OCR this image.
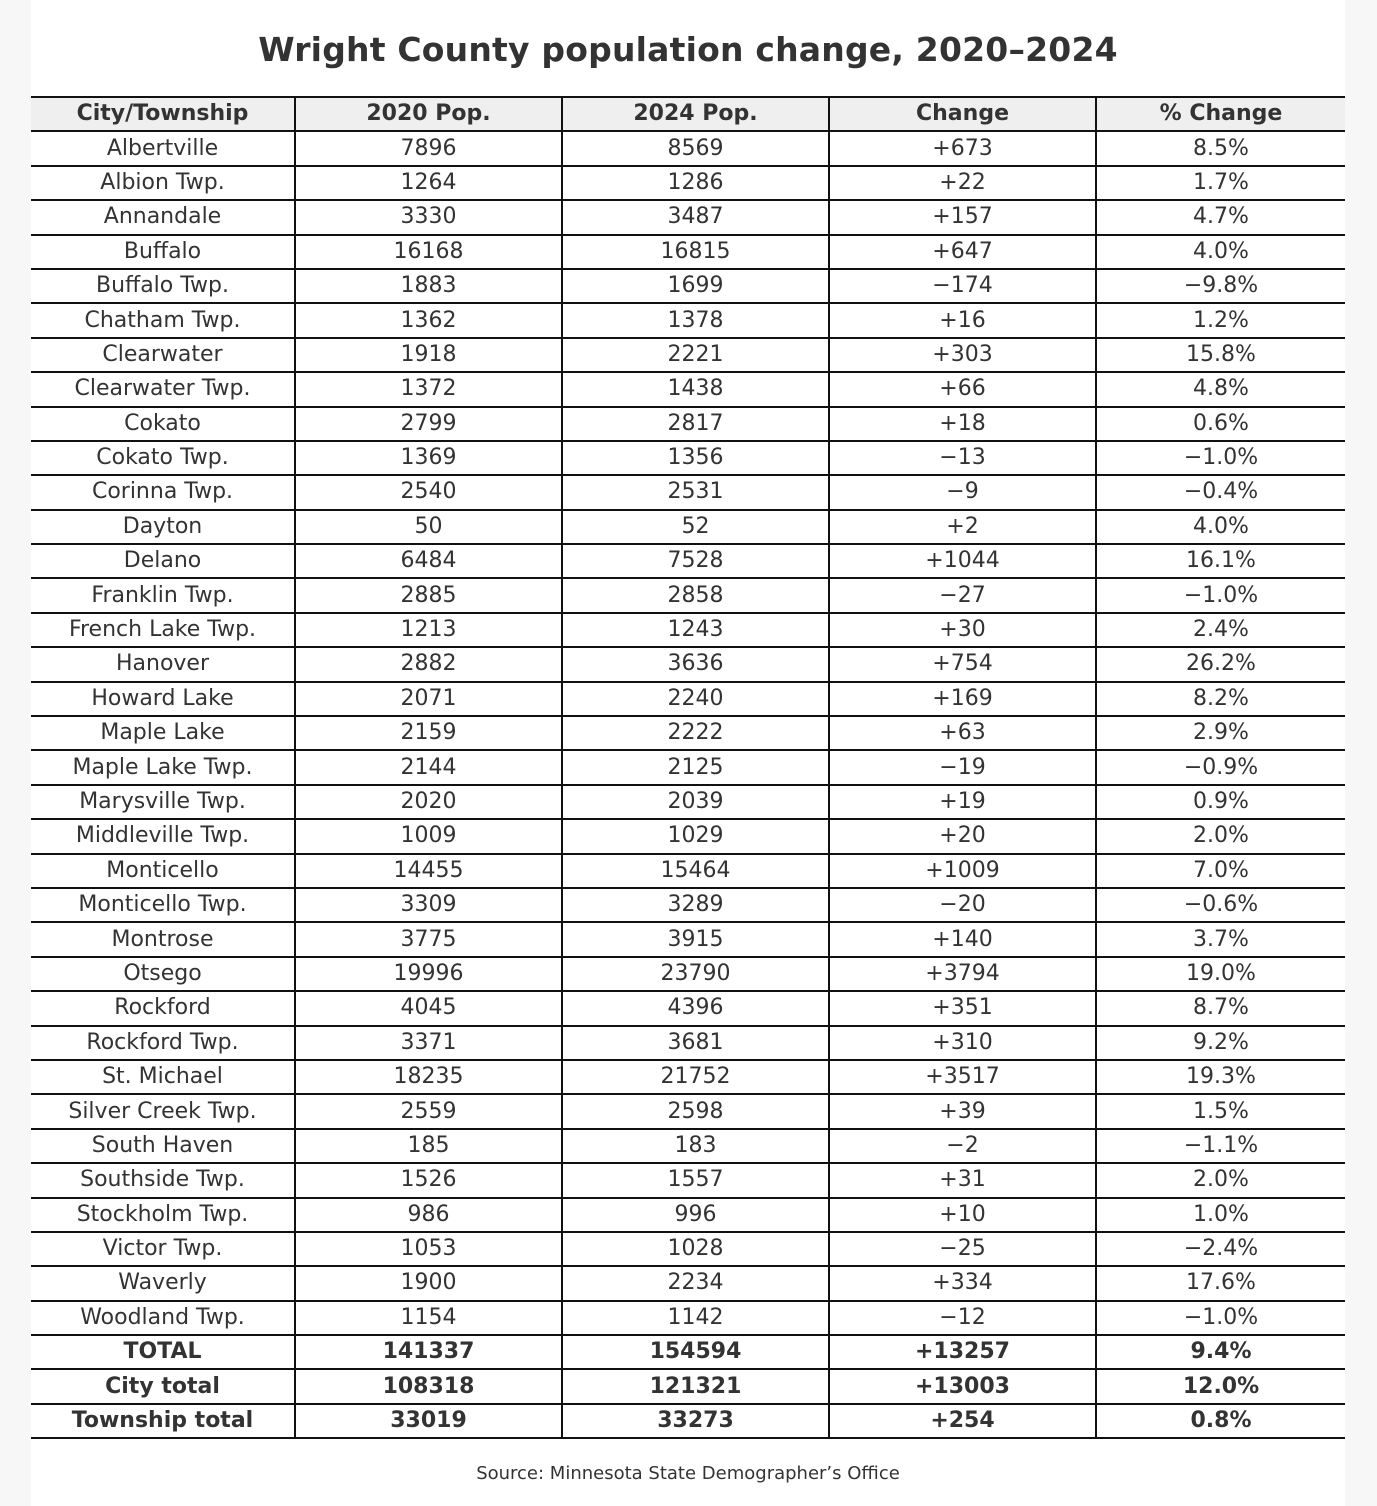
Wright County population change, 2020–2024
City/Township	2020 Pop.	2024 Pop.	Change	% Change
Albertville	7896	8569	+673	8.5%
Albion Twp.	1264	1286	+22	1.7%
Annandale	3330	3487	+157	4.7%
Buffalo	16168	16815	+647	4.0%
Buffalo Twp.	1883	1699	−174	−9.8%
Chatham Twp.	1362	1378	+16	1.2%
Clearwater	1918	2221	+303	15.8%
Clearwater Twp.	1372	1438	+66	4.8%
Cokato	2799	2817	+18	0.6%
Cokato Twp.	1369	1356	−13	−1.0%
Corinna Twp.	2540	2531	−9	−0.4%
Dayton	50	52	+2	4.0%
Delano	6484	7528	+1044	16.1%
Franklin Twp.	2885	2858	−27	−1.0%
French Lake Twp.	1213	1243	+30	2.4%
Hanover	2882	3636	+754	26.2%
Howard Lake	2071	2240	+169	8.2%
Maple Lake	2159	2222	+63	2.9%
Maple Lake Twp.	2144	2125	−19	−0.9%
Marysville Twp.	2020	2039	+19	0.9%
Middleville Twp.	1009	1029	+20	2.0%
Monticello	14455	15464	+1009	7.0%
Monticello Twp.	3309	3289	−20	−0.6%
Montrose	3775	3915	+140	3.7%
Otsego	19996	23790	+3794	19.0%
Rockford	4045	4396	+351	8.7%
Rockford Twp.	3371	3681	+310	9.2%
St. Michael	18235	21752	+3517	19.3%
Silver Creek Twp.	2559	2598	+39	1.5%
South Haven	185	183	−2	−1.1%
Southside Twp.	1526	1557	+31	2.0%
Stockholm Twp.	986	996	+10	1.0%
Victor Twp.	1053	1028	−25	−2.4%
Waverly	1900	2234	+334	17.6%
Woodland Twp.	1154	1142	−12	−1.0%
TOTAL	141337	154594	+13257	9.4%
City total	108318	121321	+13003	12.0%
Township total	33019	33273	+254	0.8%
Source: Minnesota State Demographer’s Office
